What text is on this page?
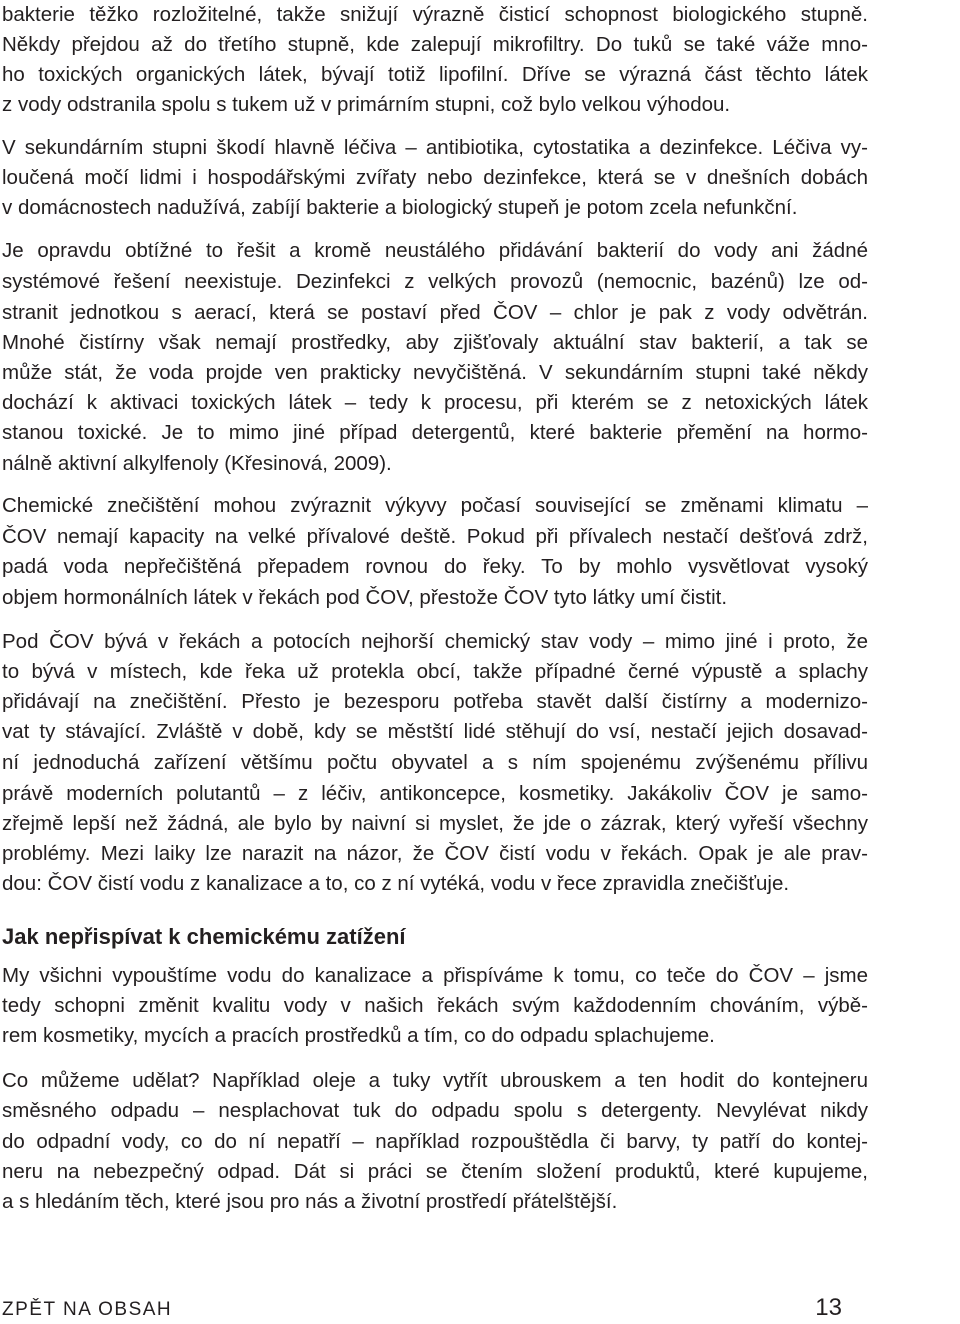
bakterie těžko rozložitelné, takže snižují výrazně čisticí schopnost biologického stupně.
Někdy přejdou až do třetího stupně, kde zalepují mikrofiltry. Do tuků se také váže mno-
ho toxických organických látek, bývají totiž lipofilní. Dříve se výrazná část těchto látek
z vody odstranila spolu s tukem už v primárním stupni, což bylo velkou výhodou.
V sekundárním stupni škodí hlavně léčiva – antibiotika, cytostatika a dezinfekce. Léčiva vy-
loučená močí lidmi i hospodářskými zvířaty nebo dezinfekce, která se v dnešních dobách
v domácnostech nadužívá, zabíjí bakterie a biologický stupeň je potom zcela nefunkční.
Je opravdu obtížné to řešit a kromě neustálého přidávání bakterií do vody ani žádné
systémové řešení neexistuje. Dezinfekci z velkých provozů (nemocnic, bazénů) lze od-
stranit jednotkou s aerací, která se postaví před ČOV – chlor je pak z vody odvětrán.
Mnohé čistírny však nemají prostředky, aby zjišťovaly aktuální stav bakterií, a tak se
může stát, že voda projde ven prakticky nevyčištěná. V sekundárním stupni také někdy
dochází k aktivaci toxických látek – tedy k procesu, při kterém se z netoxických látek
stanou toxické. Je to mimo jiné případ detergentů, které bakterie přemění na hormo-
nálně aktivní alkylfenoly (Křesinová, 2009).
Chemické znečištění mohou zvýraznit výkyvy počasí související se změnami klimatu –
ČOV nemají kapacity na velké přívalové deště. Pokud při přívalech nestačí dešťová zdrž,
padá voda nepřečištěná přepadem rovnou do řeky. To by mohlo vysvětlovat vysoký
objem hormonálních látek v řekách pod ČOV, přestože ČOV tyto látky umí čistit.
Pod ČOV bývá v řekách a potocích nejhorší chemický stav vody – mimo jiné i proto, že
to bývá v místech, kde řeka už protekla obcí, takže případné černé výpustě a splachy
přidávají na znečištění. Přesto je bezesporu potřeba stavět další čistírny a modernizo-
vat ty stávající. Zvláště v době, kdy se městští lidé stěhují do vsí, nestačí jejich dosavad-
ní jednoduchá zařízení většímu počtu obyvatel a s ním spojenému zvýšenému přílivu
právě moderních polutantů – z léčiv, antikoncepce, kosmetiky. Jakákoliv ČOV je samo-
zřejmě lepší než žádná, ale bylo by naivní si myslet, že jde o zázrak, který vyřeší všechny
problémy. Mezi laiky lze narazit na názor, že ČOV čistí vodu v řekách. Opak je ale prav-
dou: ČOV čistí vodu z kanalizace a to, co z ní vytéká, vodu v řece zpravidla znečišťuje.
Jak nepřispívat k chemickému zatížení
My všichni vypouštíme vodu do kanalizace a přispíváme k tomu, co teče do ČOV – jsme
tedy schopni změnit kvalitu vody v našich řekách svým každodenním chováním, výbě-
rem kosmetiky, mycích a pracích prostředků a tím, co do odpadu splachujeme.
Co můžeme udělat? Například oleje a tuky vytřít ubrouskem a ten hodit do kontejneru
směsného odpadu – nesplachovat tuk do odpadu spolu s detergenty. Nevylévat nikdy
do odpadní vody, co do ní nepatří – například rozpouštědla či barvy, ty patří do kontej-
neru na nebezpečný odpad. Dát si práci se čtením složení produktů, které kupujeme,
a s hledáním těch, které jsou pro nás a životní prostředí přátelštější.
ZPĚT NA OBSAH	13
